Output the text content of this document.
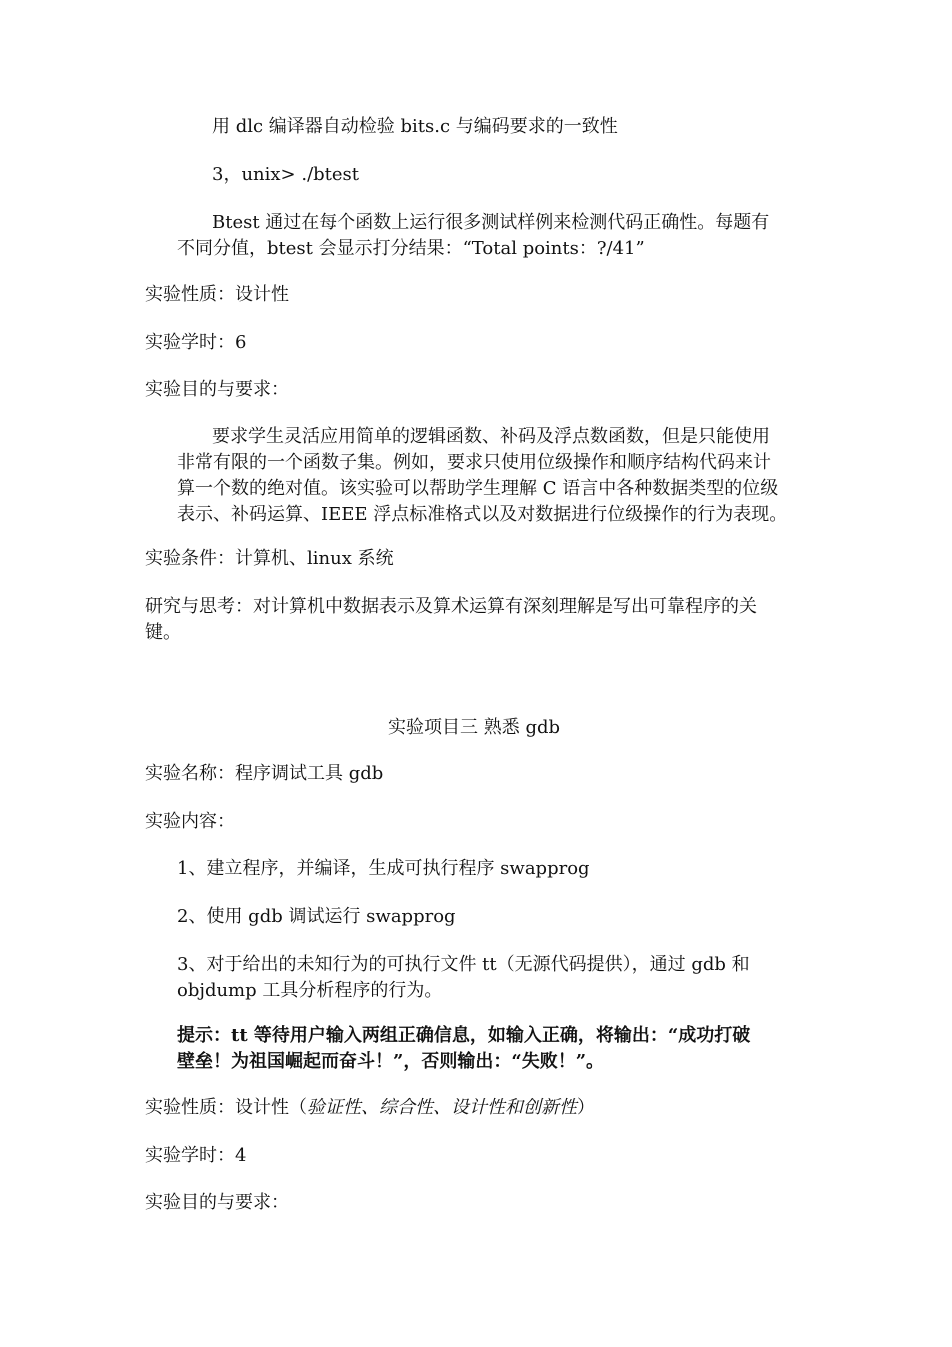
用 dlc 编译器自动检验 bits.c 与编码要求的一致性
3，unix> ./btest
Btest 通过在每个函数上运行很多测试样例来检测代码正确性。每题有
不同分值，btest 会显示打分结果：“Total points：?/41”
实验性质：设计性
实验学时：6
实验目的与要求：
要求学生灵活应用简单的逻辑函数、补码及浮点数函数，但是只能使用
非常有限的一个函数子集。例如，要求只使用位级操作和顺序结构代码来计
算一个数的绝对值。该实验可以帮助学生理解 C 语言中各种数据类型的位级
表示、补码运算、IEEE 浮点标准格式以及对数据进行位级操作的行为表现。
实验条件：计算机、linux 系统
研究与思考：对计算机中数据表示及算术运算有深刻理解是写出可靠程序的关
键。
实验项目三 熟悉 gdb
实验名称：程序调试工具 gdb
实验内容：
1、建立程序，并编译，生成可执行程序 swapprog
2、使用 gdb 调试运行 swapprog
3、对于给出的未知行为的可执行文件 tt（无源代码提供），通过 gdb 和
objdump 工具分析程序的行为。
提示：tt 等待用户输入两组正确信息，如输入正确，将输出：“成功打破
壁垒！为祖国崛起而奋斗！”，否则输出：“失败！”。
实验性质：设计性（验证性、综合性、设计性和创新性）
实验学时：4
实验目的与要求：
